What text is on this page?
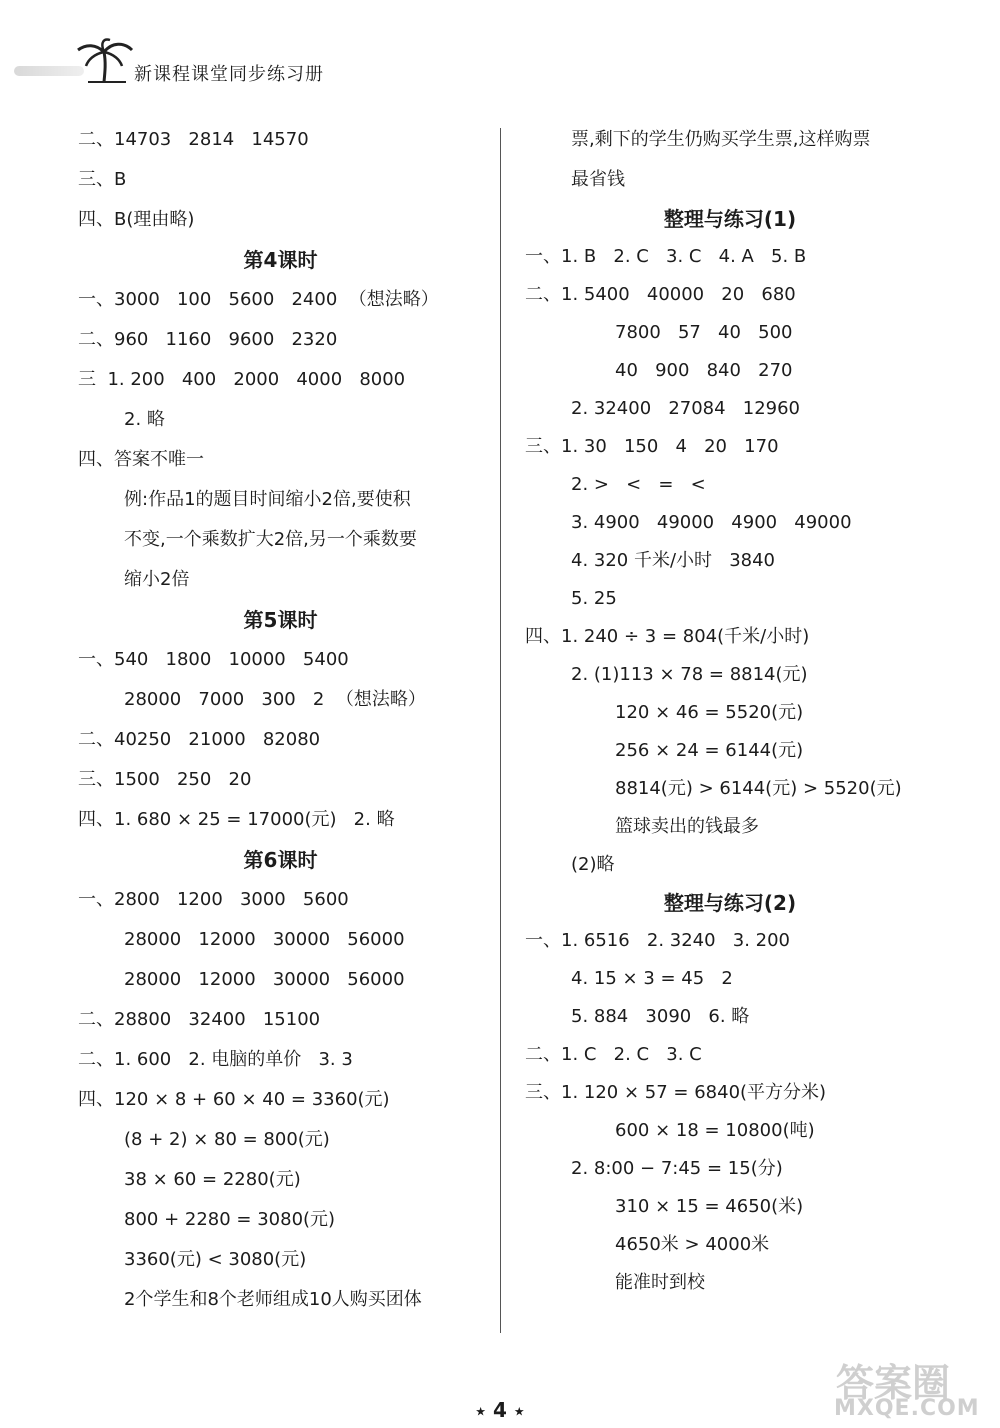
新课程课堂同步练习册
二、14703   2814   14570
三、B
四、B(理由略)
第4课时
一、3000   100   5600   2400  （想法略）
二、960   1160   9600   2320
三  1. 200   400   2000   4000   8000
2. 略
四、答案不唯一
例:作品1的题目时间缩小2倍,要使积
不变,一个乘数扩大2倍,另一个乘数要
缩小2倍
第5课时
一、540   1800   10000   5400
28000   7000   300   2  （想法略）
二、40250   21000   82080
三、1500   250   20
四、1. 680 × 25 = 17000(元)   2. 略
第6课时
一、2800   1200   3000   5600
28000   12000   30000   56000
28000   12000   30000   56000
二、28800   32400   15100
二、1. 600   2. 电脑的单价   3. 3
四、120 × 8 + 60 × 40 = 3360(元)
(8 + 2) × 80 = 800(元)
38 × 60 = 2280(元)
800 + 2280 = 3080(元)
3360(元) < 3080(元)
2个学生和8个老师组成10人购买团体
票,剩下的学生仍购买学生票,这样购票
最省钱
整理与练习(1)
一、1. B   2. C   3. C   4. A   5. B
二、1. 5400   40000   20   680
7800   57   40   500
40   900   840   270
2. 32400   27084   12960
三、1. 30   150   4   20   170
2. >   <   =   <
3. 4900   49000   4900   49000
4. 320 千米/小时   3840
5. 25
四、1. 240 ÷ 3 = 804(千米/小时)
2. (1)113 × 78 = 8814(元)
120 × 46 = 5520(元)
256 × 24 = 6144(元)
8814(元) > 6144(元) > 5520(元)
篮球卖出的钱最多
(2)略
整理与练习(2)
一、1. 6516   2. 3240   3. 200
4. 15 × 3 = 45   2
5. 884   3090   6. 略
二、1. C   2. C   3. C
三、1. 120 × 57 = 6840(平方分米)
600 × 18 = 10800(吨)
2. 8:00 − 7:45 = 15(分)
310 × 15 = 4650(米)
4650米 > 4000米
能准时到校
★ 4 ★
答案圈
MXQE.COM
